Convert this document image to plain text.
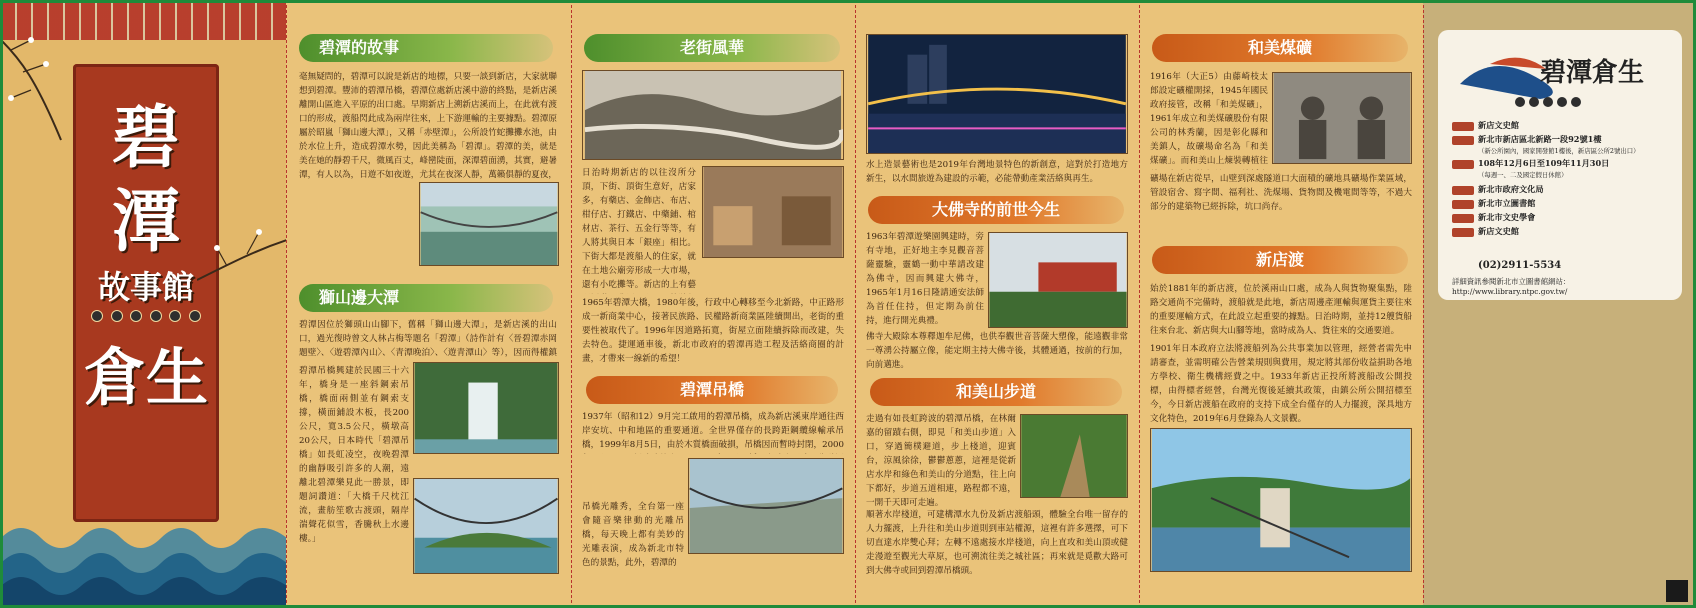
碧潭
故事館
倉生
碧潭的故事
毫無疑問的，碧潭可以說是新店的地標，只要一談到新店，大家就聯想到碧潭。豐沛的碧潭吊橋，碧潭位處新店溪中游的終點，是新店溪離開山區進入平原的出口處。早期新店上溯新店溪而上，在此就有渡口的形成，渡船閃此成為兩岸往來，上下游運輸的主要據點。碧潭原屬於昭嵐「獅山邊大潭」，又稱「赤壁潭」，公所設竹蛇攤攤水池，由於水位上升，造成碧潭水勢，因此美稱為「碧潭」。碧潭的美，就是美在她的靜碧千尺，微風百丈，峰巒陡面，深潭碧面湧，其實，避暑潭，有人以為，日遊不如夜遊，尤其在夜深人靜，萬籟俱靜的夏夜，
獅山邊大潭
碧潭因位於獅頭山山腳下，舊稱「獅山邊大潭」，是新店溪的出山口，過光復時曾文人林占梅等題名「碧潭」（詩作計有〈晉碧潭赤岡題壁〉、〈遊碧潭內山〉、〈青潭晚泊〉、〈遊青潭山〉等），因而得權鎮
碧潭吊橋興建於民國三十六年，橋身是一座斜鋼索吊橋，橋面兩側並有鋼索支撐，橫面鋪設木板，長200公尺，寬3.5公尺，橫墩高20公尺，日本時代「碧潭吊橋」如長虹凌空，夜晚碧潭的幽靜吸引許多的人潮，遠離北碧潭樂見此一勝景，即題詞讚道：「大橋千尺枕江流，畫舫笙歌古渡頭，隔岸湍聲花似雪，香騰秋上水邊樓。」
老街風華
日治時期新店的以往沒所分頂，下街、頂街生意好，店家多，有藥店、金飾店、布店、柑仔店、打鐵店、中藥鋪、棺材店、茶行、五金行等等，有人將其與日本「銀座」相比。下街大都是渡船人的住家，就在土地公廟旁形成一大市場，還有小吃攤等。新店的上有藝
1965年碧潭大橋，1980年後，行政中心轉移至今北新路，中正路形成一新商業中心，接著民族路、民權路新商業區陸續開出，老街的重要性被取代了。1996年因道路拓寬，街屋立面陸續拆除而改建，失去特色。捷運通車後，新北市政府的碧潭再造工程及活絡商圈的計畫，才帶來一線新的希望！
碧潭吊橋
1937年（昭和12）9月完工啟用的碧潭吊橋，成為新店溪東岸通往西岸安坑、中和地區的重要通道。全世界僅存的長跨距鋼纜線輸承吊橋，1999年8月5日，由於木質橋面破損，吊橋因而暫時封閉，2000
吊橋光雕秀，全台第一座會隨音樂律動的光雕吊橋，每天晚上都有美妙的光雕表演，成為新北市特色的景點，此外，碧潭的
水上造景藝術也是2019年台灣地景特色的新創意，這對於打造地方新生，以水間旅遊為建設的示範，必能帶動產業活絡與再生。
大佛寺的前世今生
1963年碧潭遊樂園興建時，旁有寺地，正好地主李見觀音菩薩靈驗，靈鶴一動中華請改建為佛寺，因而興建大佛寺，1965年1月16日隆請通安法師為首任住持，但定期為前住持，進行開光典禮。
佛寺大殿除本尊釋迦牟尼佛，也供奉觀世音菩薩大塑像，能遠觀非常一尊湧公持屬立像，能定期主持大佛寺後，其體通過，按前的行加，向前邁進。
和美山步道
走過有如長虹跨波的碧潭吊橋，在林爾嘉的留蹟右側，即見「和美山步道」入口，穿過簡樸避道，步上棧道，迎賓台，涼風徐徐，鬱鬱蔥蔥，這裡是從新店水岸和綠色和美山的分道點，往上向下都好，步道五道相連，路程都不遠，一開千天即可走遍。
順著水岸棧道，可建構潭水九份及新店渡船頭，體驗全台唯一留存的人力擺渡，上升往和美山步道則到車站權源，這裡有許多選擇，可下切直達水岸雙心拜；左轉不遠處接水岸棧道，向上直攻和美山頂或健走漫遊至觀光大草原，也可溯流往美之城社區；再來就是覓歡大路可到大佛寺或回到碧潭吊橋頭。
和美煤礦
1916年（大正5）由藤崎枝太郎設定礦權開採，1945年國民政府接管，改稱「和美煤礦」，1961年成立和美煤礦股份有限公司的林秀蘭，因是彰化縣和美鎮人，故礦場命名為「和美煤礦」。而和美山上煉裝轉植往
礦場在新店從早，山壁到深處隧道口大面積的礦地具礦場作業區域，管設宿舍、寫字間、福利社、洗煤場、貨物間及機電間等等，不過大部分的建築物已經拆除，坑口尚存。
新店渡
始於1881年的新店渡，位於溪兩山口處，成為人與貨物聚集點，陸路交通尚不完備時，渡船就是此地，新店周邊產運輸與運貨主要往來的重要運輸方式，在此設立起重要的據點。日治時期，並持12艘貨船往來台北、新店與大山腳等地，當時成為人、貨往來的交通要道。
1901年日本政府立法將渡船列為公共事業加以管理，經營者需先申請審查，並需明確公告營業規則與費用，規定將其部份收益捐助各地方學校、衛生機構經費之中。1933年新店正投所將渡船改公開投標，由得標者經營，台灣光復後延續其政策，由鎮公所公開招標至今，今日新店渡船在政府的支持下成全台僅存的人力擺渡，深具地方文化特色，2019年6月登錄為人文景觀。
碧潭倉生
新店文史館
新北市新店區北新路一段92號1樓
（新公所園內，國家開發館1樓後，新店區公所2號出口）
108年12月6日至109年11月30日
（每週一、二及國定假日休館）
新北市政府文化局
新北市立圖書館
新北市文史學會
新店文史館
(02)2911-5534
詳細資訊參閱新北市立圖書館網站：
http://www.library.ntpc.gov.tw/
